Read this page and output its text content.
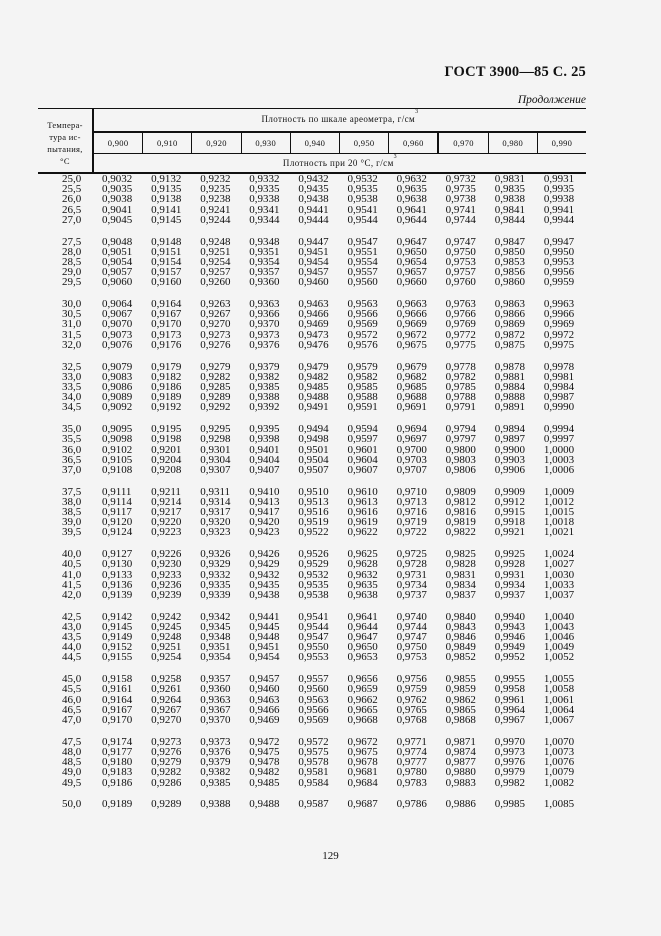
ГОСТ 3900—85 С. 25
Продолжение
Темпера-
тура ис-
пытания,
°С
Плотность по шкале ареометра, $г/см^3$
0,900	0,910	0,920	0,930	0,940	0,950	0,960	0,970	0,980	0,990
Плотность при 20 °С, $г/см^3$
25,0	0,9032	0,9132	0,9232	0,9332	0,9432	0,9532	0,9632	0,9732	0,9831	0,9931
25,5	0,9035	0,9135	0,9235	0,9335	0,9435	0,9535	0,9635	0,9735	0,9835	0,9935
26,0	0,9038	0,9138	0,9238	0,9338	0,9438	0,9538	0,9638	0,9738	0,9838	0,9938
26,5	0,9041	0,9141	0,9241	0,9341	0,9441	0,9541	0,9641	0,9741	0,9841	0,9941
27,0	0,9045	0,9145	0,9244	0,9344	0,9444	0,9544	0,9644	0,9744	0,9844	0,9944
27,5	0,9048	0,9148	0,9248	0,9348	0,9447	0,9547	0,9647	0,9747	0,9847	0,9947
28,0	0,9051	0,9151	0,9251	0,9351	0,9451	0,9551	0,9650	0,9750	0,9850	0,9950
28,5	0,9054	0,9154	0,9254	0,9354	0,9454	0,9554	0,9654	0,9753	0,9853	0,9953
29,0	0,9057	0,9157	0,9257	0,9357	0,9457	0,9557	0,9657	0,9757	0,9856	0,9956
29,5	0,9060	0,9160	0,9260	0,9360	0,9460	0,9560	0,9660	0,9760	0,9860	0,9959
30,0	0,9064	0,9164	0,9263	0,9363	0,9463	0,9563	0,9663	0,9763	0,9863	0,9963
30,5	0,9067	0,9167	0,9267	0,9366	0,9466	0,9566	0,9666	0,9766	0,9866	0,9966
31,0	0,9070	0,9170	0,9270	0,9370	0,9469	0,9569	0,9669	0,9769	0,9869	0,9969
31,5	0,9073	0,9173	0,9273	0,9373	0,9473	0,9572	0,9672	0,9772	0,9872	0,9972
32,0	0,9076	0,9176	0,9276	0,9376	0,9476	0,9576	0,9675	0,9775	0,9875	0,9975
32,5	0,9079	0,9179	0,9279	0,9379	0,9479	0,9579	0,9679	0,9778	0,9878	0,9978
33,0	0,9083	0,9182	0,9282	0,9382	0,9482	0,9582	0,9682	0,9782	0,9881	0,9981
33,5	0,9086	0,9186	0,9285	0,9385	0,9485	0,9585	0,9685	0,9785	0,9884	0,9984
34,0	0,9089	0,9189	0,9289	0,9388	0,9488	0,9588	0,9688	0,9788	0,9888	0,9987
34,5	0,9092	0,9192	0,9292	0,9392	0,9491	0,9591	0,9691	0,9791	0,9891	0,9990
35,0	0,9095	0,9195	0,9295	0,9395	0,9494	0,9594	0,9694	0,9794	0,9894	0,9994
35,5	0,9098	0,9198	0,9298	0,9398	0,9498	0,9597	0,9697	0,9797	0,9897	0,9997
36,0	0,9102	0,9201	0,9301	0,9401	0,9501	0,9601	0,9700	0,9800	0,9900	1,0000
36,5	0,9105	0,9204	0,9304	0,9404	0,9504	0,9604	0,9703	0,9803	0,9903	1,0003
37,0	0,9108	0,9208	0,9307	0,9407	0,9507	0,9607	0,9707	0,9806	0,9906	1,0006
37,5	0,9111	0,9211	0,9311	0,9410	0,9510	0,9610	0,9710	0,9809	0,9909	1,0009
38,0	0,9114	0,9214	0,9314	0,9413	0,9513	0,9613	0,9713	0,9812	0,9912	1,0012
38,5	0,9117	0,9217	0,9317	0,9417	0,9516	0,9616	0,9716	0,9816	0,9915	1,0015
39,0	0,9120	0,9220	0,9320	0,9420	0,9519	0,9619	0,9719	0,9819	0,9918	1,0018
39,5	0,9124	0,9223	0,9323	0,9423	0,9522	0,9622	0,9722	0,9822	0,9921	1,0021
40,0	0,9127	0,9226	0,9326	0,9426	0,9526	0,9625	0,9725	0,9825	0,9925	1,0024
40,5	0,9130	0,9230	0,9329	0,9429	0,9529	0,9628	0,9728	0,9828	0,9928	1,0027
41,0	0,9133	0,9233	0,9332	0,9432	0,9532	0,9632	0,9731	0,9831	0,9931	1,0030
41,5	0,9136	0,9236	0,9335	0,9435	0,9535	0,9635	0,9734	0,9834	0,9934	1,0033
42,0	0,9139	0,9239	0,9339	0,9438	0,9538	0,9638	0,9737	0,9837	0,9937	1,0037
42,5	0,9142	0,9242	0,9342	0,9441	0,9541	0,9641	0,9740	0,9840	0,9940	1,0040
43,0	0,9145	0,9245	0,9345	0,9445	0,9544	0,9644	0,9744	0,9843	0,9943	1,0043
43,5	0,9149	0,9248	0,9348	0,9448	0,9547	0,9647	0,9747	0,9846	0,9946	1,0046
44,0	0,9152	0,9251	0,9351	0,9451	0,9550	0,9650	0,9750	0,9849	0,9949	1,0049
44,5	0,9155	0,9254	0,9354	0,9454	0,9553	0,9653	0,9753	0,9852	0,9952	1,0052
45,0	0,9158	0,9258	0,9357	0,9457	0,9557	0,9656	0,9756	0,9855	0,9955	1,0055
45,5	0,9161	0,9261	0,9360	0,9460	0,9560	0,9659	0,9759	0,9859	0,9958	1,0058
46,0	0,9164	0,9264	0,9363	0,9463	0,9563	0,9662	0,9762	0,9862	0,9961	1,0061
46,5	0,9167	0,9267	0,9367	0,9466	0,9566	0,9665	0,9765	0,9865	0,9964	1,0064
47,0	0,9170	0,9270	0,9370	0,9469	0,9569	0,9668	0,9768	0,9868	0,9967	1,0067
47,5	0,9174	0,9273	0,9373	0,9472	0,9572	0,9672	0,9771	0,9871	0,9970	1,0070
48,0	0,9177	0,9276	0,9376	0,9475	0,9575	0,9675	0,9774	0,9874	0,9973	1,0073
48,5	0,9180	0,9279	0,9379	0,9478	0,9578	0,9678	0,9777	0,9877	0,9976	1,0076
49,0	0,9183	0,9282	0,9382	0,9482	0,9581	0,9681	0,9780	0,9880	0,9979	1,0079
49,5	0,9186	0,9286	0,9385	0,9485	0,9584	0,9684	0,9783	0,9883	0,9982	1,0082
50,0	0,9189	0,9289	0,9388	0,9488	0,9587	0,9687	0,9786	0,9886	0,9985	1,0085
129
